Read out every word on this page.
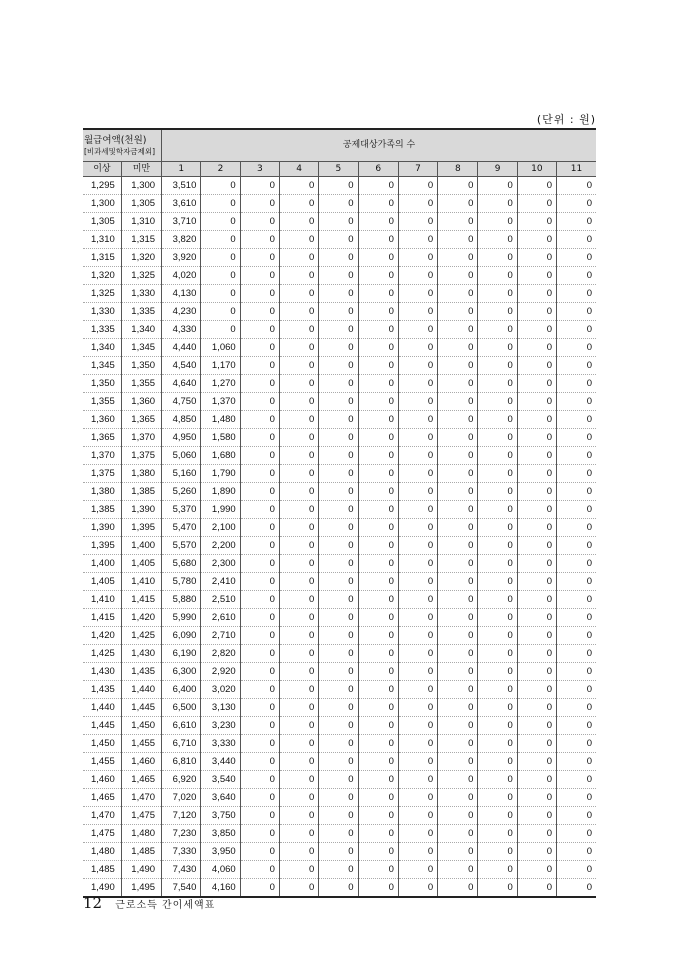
(단위 : 원)
월급여액(천원)
[비과세및학자금제외]		공제대상가족의 수										
이상	미만	1	2	3	4	5	6	7	8	9	10	11
1,295	1,300	3,510	0	0	0	0	0	0	0	0	0	0
1,300	1,305	3,610	0	0	0	0	0	0	0	0	0	0
1,305	1,310	3,710	0	0	0	0	0	0	0	0	0	0
1,310	1,315	3,820	0	0	0	0	0	0	0	0	0	0
1,315	1,320	3,920	0	0	0	0	0	0	0	0	0	0
1,320	1,325	4,020	0	0	0	0	0	0	0	0	0	0
1,325	1,330	4,130	0	0	0	0	0	0	0	0	0	0
1,330	1,335	4,230	0	0	0	0	0	0	0	0	0	0
1,335	1,340	4,330	0	0	0	0	0	0	0	0	0	0
1,340	1,345	4,440	1,060	0	0	0	0	0	0	0	0	0
1,345	1,350	4,540	1,170	0	0	0	0	0	0	0	0	0
1,350	1,355	4,640	1,270	0	0	0	0	0	0	0	0	0
1,355	1,360	4,750	1,370	0	0	0	0	0	0	0	0	0
1,360	1,365	4,850	1,480	0	0	0	0	0	0	0	0	0
1,365	1,370	4,950	1,580	0	0	0	0	0	0	0	0	0
1,370	1,375	5,060	1,680	0	0	0	0	0	0	0	0	0
1,375	1,380	5,160	1,790	0	0	0	0	0	0	0	0	0
1,380	1,385	5,260	1,890	0	0	0	0	0	0	0	0	0
1,385	1,390	5,370	1,990	0	0	0	0	0	0	0	0	0
1,390	1,395	5,470	2,100	0	0	0	0	0	0	0	0	0
1,395	1,400	5,570	2,200	0	0	0	0	0	0	0	0	0
1,400	1,405	5,680	2,300	0	0	0	0	0	0	0	0	0
1,405	1,410	5,780	2,410	0	0	0	0	0	0	0	0	0
1,410	1,415	5,880	2,510	0	0	0	0	0	0	0	0	0
1,415	1,420	5,990	2,610	0	0	0	0	0	0	0	0	0
1,420	1,425	6,090	2,710	0	0	0	0	0	0	0	0	0
1,425	1,430	6,190	2,820	0	0	0	0	0	0	0	0	0
1,430	1,435	6,300	2,920	0	0	0	0	0	0	0	0	0
1,435	1,440	6,400	3,020	0	0	0	0	0	0	0	0	0
1,440	1,445	6,500	3,130	0	0	0	0	0	0	0	0	0
1,445	1,450	6,610	3,230	0	0	0	0	0	0	0	0	0
1,450	1,455	6,710	3,330	0	0	0	0	0	0	0	0	0
1,455	1,460	6,810	3,440	0	0	0	0	0	0	0	0	0
1,460	1,465	6,920	3,540	0	0	0	0	0	0	0	0	0
1,465	1,470	7,020	3,640	0	0	0	0	0	0	0	0	0
1,470	1,475	7,120	3,750	0	0	0	0	0	0	0	0	0
1,475	1,480	7,230	3,850	0	0	0	0	0	0	0	0	0
1,480	1,485	7,330	3,950	0	0	0	0	0	0	0	0	0
1,485	1,490	7,430	4,060	0	0	0	0	0	0	0	0	0
1,490	1,495	7,540	4,160	0	0	0	0	0	0	0	0	0
12 근로소득 간이세액표
